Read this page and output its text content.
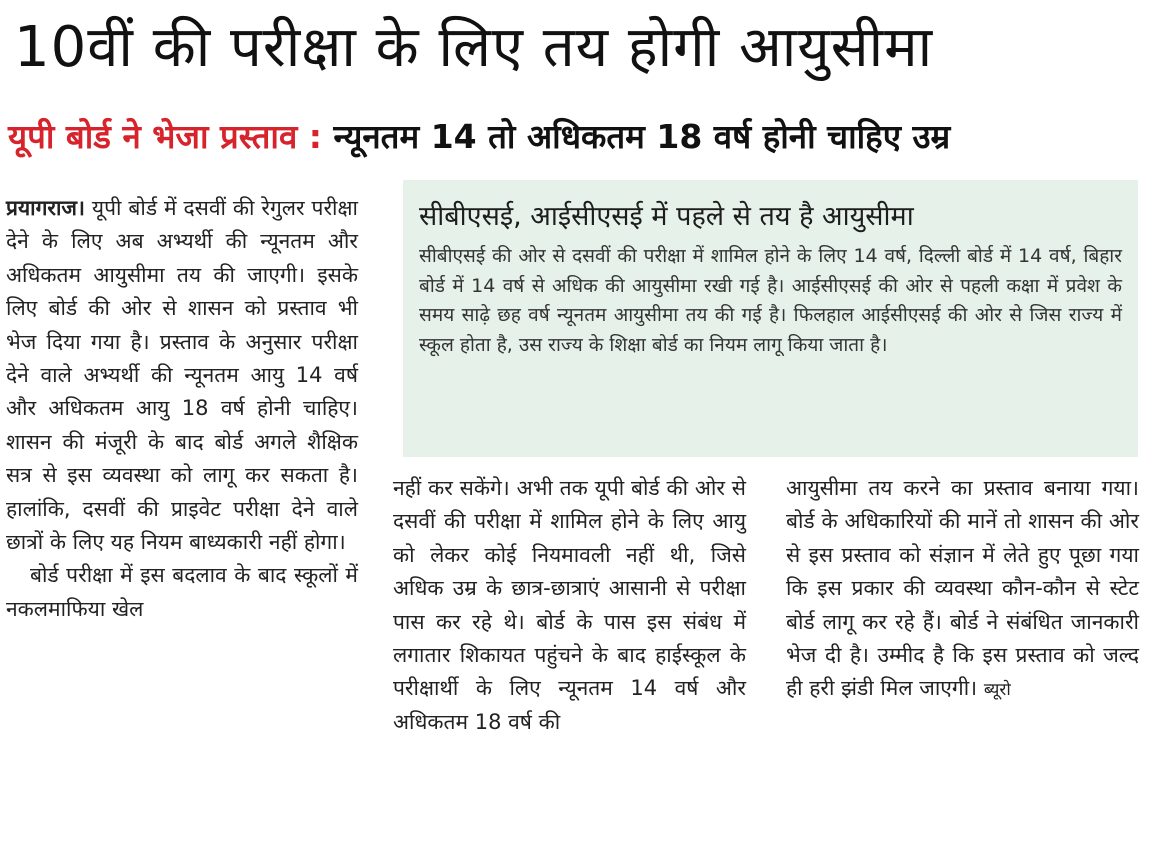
10वीं की परीक्षा के लिए तय होगी आयुसीमा
यूपी बोर्ड ने भेजा प्रस्ताव : न्यूनतम 14 तो अधिकतम 18 वर्ष होनी चाहिए उम्र

प्रयागराज। यूपी बोर्ड में दसवीं की रेगुलर परीक्षा देने के लिए अब अभ्यर्थी की न्यूनतम और अधिकतम आयुसीमा तय की जाएगी। इसके लिए बोर्ड की ओर से शासन को प्रस्ताव भी भेज दिया गया है। प्रस्ताव के अनुसार परीक्षा देने वाले अभ्यर्थी की न्यूनतम आयु 14 वर्ष और अधिकतम आयु 18 वर्ष होनी चाहिए। शासन की मंजूरी के बाद बोर्ड अगले शैक्षिक सत्र से इस व्यवस्था को लागू कर सकता है। हालांकि, दसवीं की प्राइवेट परीक्षा देने वाले छात्रों के लिए यह नियम बाध्यकारी नहीं होगा।

बोर्ड परीक्षा में इस बदलाव के बाद स्कूलों में नकलमाफिया खेल

सीबीएसई, आईसीएसई में पहले से तय है आयुसीमा

सीबीएसई की ओर से दसवीं की परीक्षा में शामिल होने के लिए 14 वर्ष, दिल्ली बोर्ड में 14 वर्ष, बिहार बोर्ड में 14 वर्ष से अधिक की आयुसीमा रखी गई है। आईसीएसई की ओर से पहली कक्षा में प्रवेश के समय साढ़े छह वर्ष न्यूनतम आयुसीमा तय की गई है। फिलहाल आईसीएसई की ओर से जिस राज्य में स्कूल होता है, उस राज्य के शिक्षा बोर्ड का नियम लागू किया जाता है।

नहीं कर सकेंगे। अभी तक यूपी बोर्ड की ओर से दसवीं की परीक्षा में शामिल होने के लिए आयु को लेकर कोई नियमावली नहीं थी, जिसे अधिक उम्र के छात्र-छात्राएं आसानी से परीक्षा पास कर रहे थे। बोर्ड के पास इस संबंध में लगातार शिकायत पहुंचने के बाद हाईस्कूल के परीक्षार्थी के लिए न्यूनतम 14 वर्ष और अधिकतम 18 वर्ष की

आयुसीमा तय करने का प्रस्ताव बनाया गया। बोर्ड के अधिकारियों की मानें तो शासन की ओर से इस प्रस्ताव को संज्ञान में लेते हुए पूछा गया कि इस प्रकार की व्यवस्था कौन-कौन से स्टेट बोर्ड लागू कर रहे हैं। बोर्ड ने संबंधित जानकारी भेज दी है। उम्मीद है कि इस प्रस्ताव को जल्द ही हरी झंडी मिल जाएगी। ब्यूरो
